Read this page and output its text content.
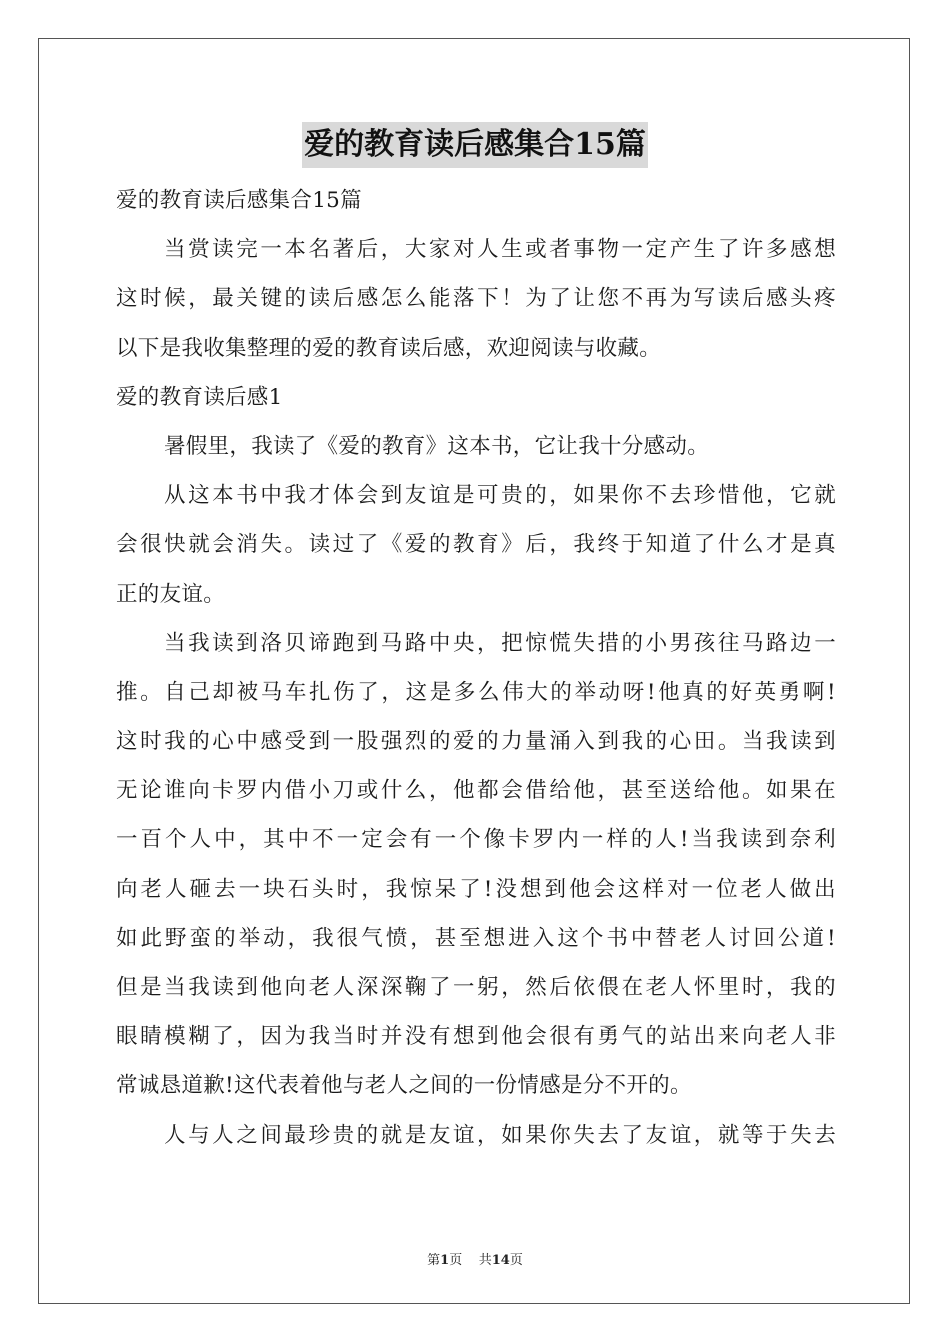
爱的教育读后感集合15篇
爱的教育读后感集合15篇
当赏读完一本名著后，大家对人生或者事物一定产生了许多感想
这时候，最关键的读后感怎么能落下！为了让您不再为写读后感头疼
以下是我收集整理的爱的教育读后感，欢迎阅读与收藏。
爱的教育读后感1
暑假里，我读了《爱的教育》这本书，它让我十分感动。
从这本书中我才体会到友谊是可贵的，如果你不去珍惜他，它就
会很快就会消失。读过了《爱的教育》后，我终于知道了什么才是真
正的友谊。
当我读到洛贝谛跑到马路中央，把惊慌失措的小男孩往马路边一
推。自己却被马车扎伤了，这是多么伟大的举动呀!他真的好英勇啊!
这时我的心中感受到一股强烈的爱的力量涌入到我的心田。当我读到
无论谁向卡罗内借小刀或什么，他都会借给他，甚至送给他。如果在
一百个人中，其中不一定会有一个像卡罗内一样的人!当我读到奈利
向老人砸去一块石头时，我惊呆了!没想到他会这样对一位老人做出
如此野蛮的举动，我很气愤，甚至想进入这个书中替老人讨回公道!
但是当我读到他向老人深深鞠了一躬，然后依偎在老人怀里时，我的
眼睛模糊了，因为我当时并没有想到他会很有勇气的站出来向老人非
常诚恳道歉!这代表着他与老人之间的一份情感是分不开的。
人与人之间最珍贵的就是友谊，如果你失去了友谊，就等于失去
第1页 共14页
